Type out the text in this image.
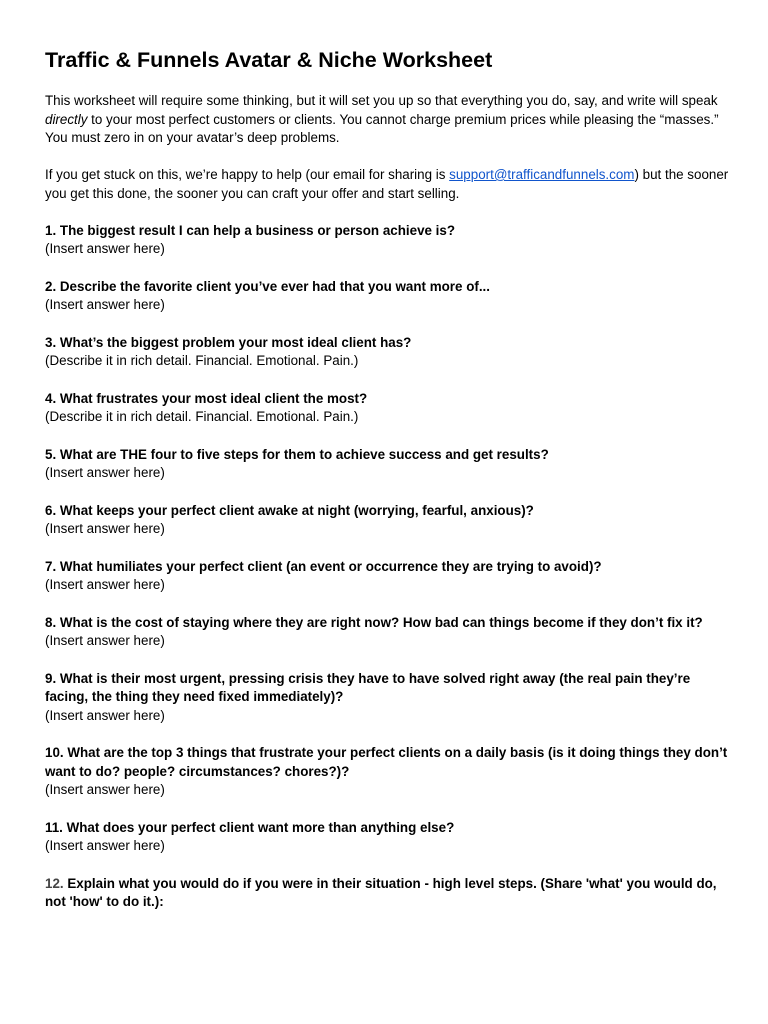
Traffic & Funnels Avatar & Niche Worksheet
This worksheet will require some thinking, but it will set you up so that everything you do, say, and write will speak directly to your most perfect customers or clients. You cannot charge premium prices while pleasing the “masses.” You must zero in on your avatar’s deep problems.
If you get stuck on this, we’re happy to help (our email for sharing is support@trafficandfunnels.com) but the sooner you get this done, the sooner you can craft your offer and start selling.
1. The biggest result I can help a business or person achieve is?
(Insert answer here)
2. Describe the favorite client you’ve ever had that you want more of...
(Insert answer here)
3. What’s the biggest problem your most ideal client has?
(Describe it in rich detail. Financial. Emotional. Pain.)
4. What frustrates your most ideal client the most?
(Describe it in rich detail. Financial. Emotional. Pain.)
5. What are THE four to five steps for them to achieve success and get results?
(Insert answer here)
6. What keeps your perfect client awake at night (worrying, fearful, anxious)?
(Insert answer here)
7. What humiliates your perfect client (an event or occurrence they are trying to avoid)?
(Insert answer here)
8. What is the cost of staying where they are right now? How bad can things become if they don’t fix it?
(Insert answer here)
9. What is their most urgent, pressing crisis they have to have solved right away (the real pain they’re facing, the thing they need fixed immediately)?
(Insert answer here)
10. What are the top 3 things that frustrate your perfect clients on a daily basis (is it doing things they don’t want to do? people? circumstances? chores?)?
(Insert answer here)
11. What does your perfect client want more than anything else?
(Insert answer here)
12. Explain what you would do if you were in their situation - high level steps. (Share 'what' you would do, not 'how' to do it.):
